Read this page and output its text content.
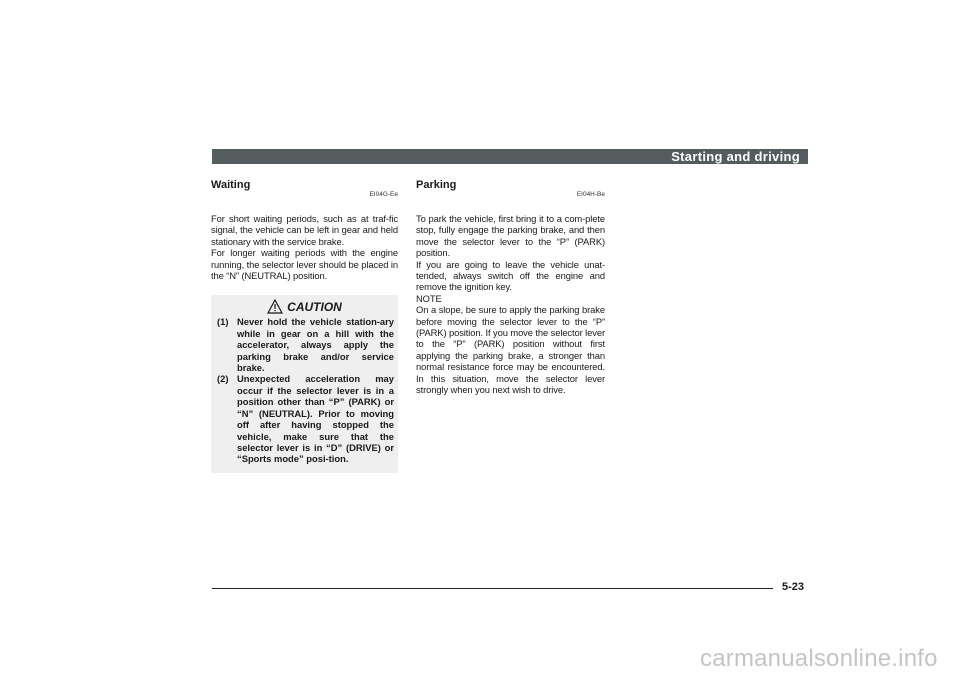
Starting and driving
Waiting
EI04G-Ee

For short waiting periods, such as at traf-fic signal, the vehicle can be left in gear and held stationary with the service brake.

For longer waiting periods with the engine running, the selector lever should be placed in the “N” (NEUTRAL) position.

CAUTION
(1) Never hold the vehicle station-ary while in gear on a hill with the accelerator, always apply the parking brake and/or service brake.
(2) Unexpected acceleration may occur if the selector lever is in a position other than “P” (PARK) or “N” (NEUTRAL). Prior to moving off after having stopped the vehicle, make sure that the selector lever is in “D” (DRIVE) or “Sports mode” posi-tion.
Parking
EI04H-Be

To park the vehicle, first bring it to a com-plete stop, fully engage the parking brake, and then move the selector lever to the “P” (PARK) position.

If you are going to leave the vehicle unat-tended, always switch off the engine and remove the ignition key.

NOTE

On a slope, be sure to apply the parking brake before moving the selector lever to the “P” (PARK) position. If you move the selector lever to the “P” (PARK) position without first applying the parking brake, a stronger than normal resistance force may be encountered. In this situation, move the selector lever strongly when you next wish to drive.

5-23
carmanualsonline.info
